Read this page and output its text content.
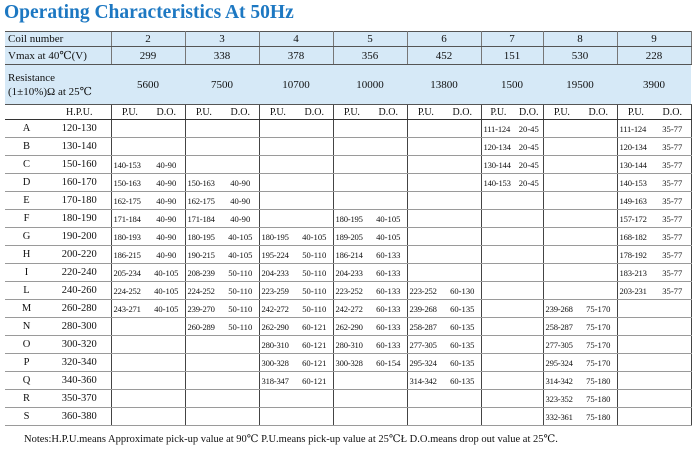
Operating Characteristics At 50Hz
Coil number		2		3		4		5		6		7		8		9	
Vmax at 40℃(V)		299		338		378		356		452		151		530		228	
Resistance
(1±10%)Ω at 25℃		5600		7500		10700		10000		13800		1500		19500		3900	
	H.P.U.	P.U.	D.O.	P.U.	D.O.	P.U.	D.O.	P.U.	D.O.	P.U.	D.O.	P.U.	D.O.	P.U.	D.O.	P.U.	D.O.
A	120-130											111-124	20-45			111-124	35-77
B	130-140											120-134	20-45			120-134	35-77
C	150-160	140-153	40-90									130-144	20-45			130-144	35-77
D	160-170	150-163	40-90	150-163	40-90							140-153	20-45			140-153	35-77
E	170-180	162-175	40-90	162-175	40-90											149-163	35-77
F	180-190	171-184	40-90	171-184	40-90			180-195	40-105							157-172	35-77
G	190-200	180-193	40-90	180-195	40-105	180-195	40-105	189-205	40-105							168-182	35-77
H	200-220	186-215	40-90	190-215	40-105	195-224	50-110	186-214	60-133							178-192	35-77
I	220-240	205-234	40-105	208-239	50-110	204-233	50-110	204-233	60-133							183-213	35-77
L	240-260	224-252	40-105	224-252	50-110	223-259	50-110	223-252	60-133	223-252	60-130					203-231	35-77
M	260-280	243-271	40-105	239-270	50-110	242-272	50-110	242-272	60-133	239-268	60-135			239-268	75-170		
N	280-300			260-289	50-110	262-290	60-121	262-290	60-133	258-287	60-135			258-287	75-170		
O	300-320					280-310	60-121	280-310	60-133	277-305	60-135			277-305	75-170		
P	320-340					300-328	60-121	300-328	60-154	295-324	60-135			295-324	75-170		
Q	340-360					318-347	60-121			314-342	60-135			314-342	75-180		
R	350-370													323-352	75-180		
S	360-380													332-361	75-180		

Notes:H.P.U.means Approximate pick-up value at 90℃ P.U.means pick-up value at 25℃Ł D.O.means drop out value at 25℃.
